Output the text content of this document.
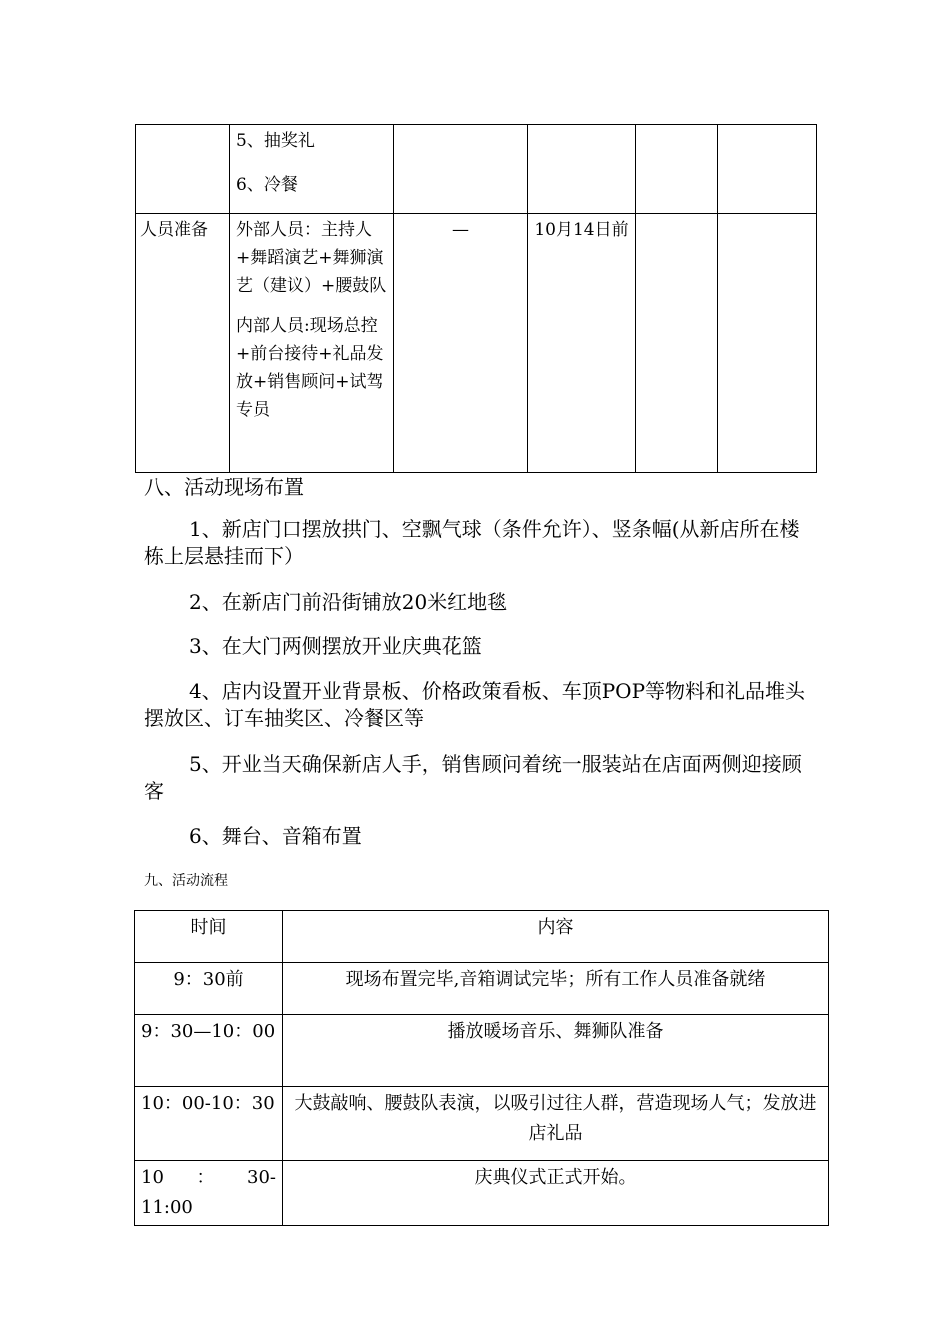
	5、抽奖礼

6、冷餐				

人员准备	外部人员：主持人+舞蹈演艺+舞狮演艺（建议）+腰鼓队

内部人员:现场总控+前台接待+礼品发放+销售顾问+试驾专员	—	10月14日前		

八、活动现场布置

1、新店门口摆放拱门、空飘气球（条件允许）、竖条幅(从新店所在楼栋上层悬挂而下）

2、在新店门前沿街铺放20米红地毯

3、在大门两侧摆放开业庆典花篮

4、店内设置开业背景板、价格政策看板、车顶POP等物料和礼品堆头摆放区、订车抽奖区、冷餐区等

5、开业当天确保新店人手，销售顾问着统一服装站在店面两侧迎接顾客

6、舞台、音箱布置

九、活动流程
时间	内容

9：30前	现场布置完毕,音箱调试完毕；所有工作人员准备就绪

9：30—10：00	播放暖场音乐、舞狮队准备

10：00-10：30	大鼓敲响、腰鼓队表演，以吸引过往人群，营造现场人气；发放进店礼品

10 ： 30-
11:00	庆典仪式正式开始。
